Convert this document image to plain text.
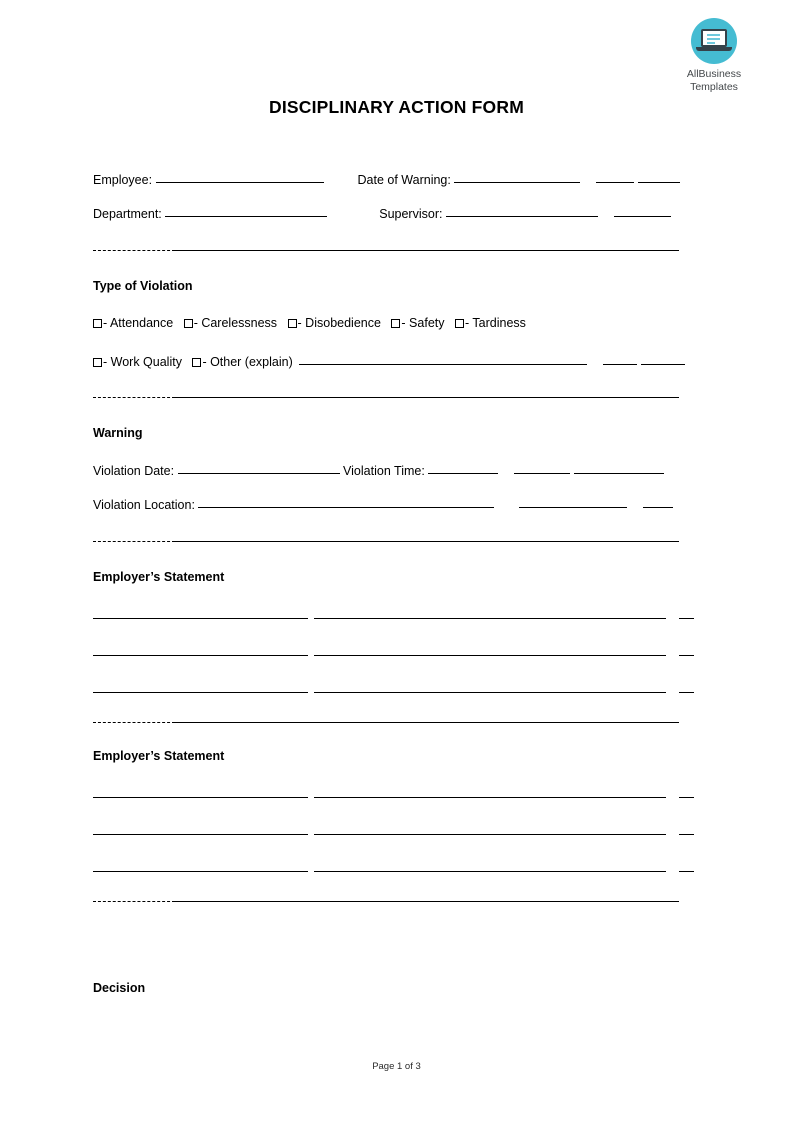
AllBusiness
Templates
DISCIPLINARY ACTION FORM
Employee:	Date of Warning:
Department:	Supervisor:
Type of Violation
- Attendance - Carelessness - Disobedience - Safety - Tardiness
- Work Quality - Other (explain)
Warning
Violation Date:	Violation Time:
Violation Location:
Employer’s Statement
Employer’s Statement
Decision
Page 1 of 3
